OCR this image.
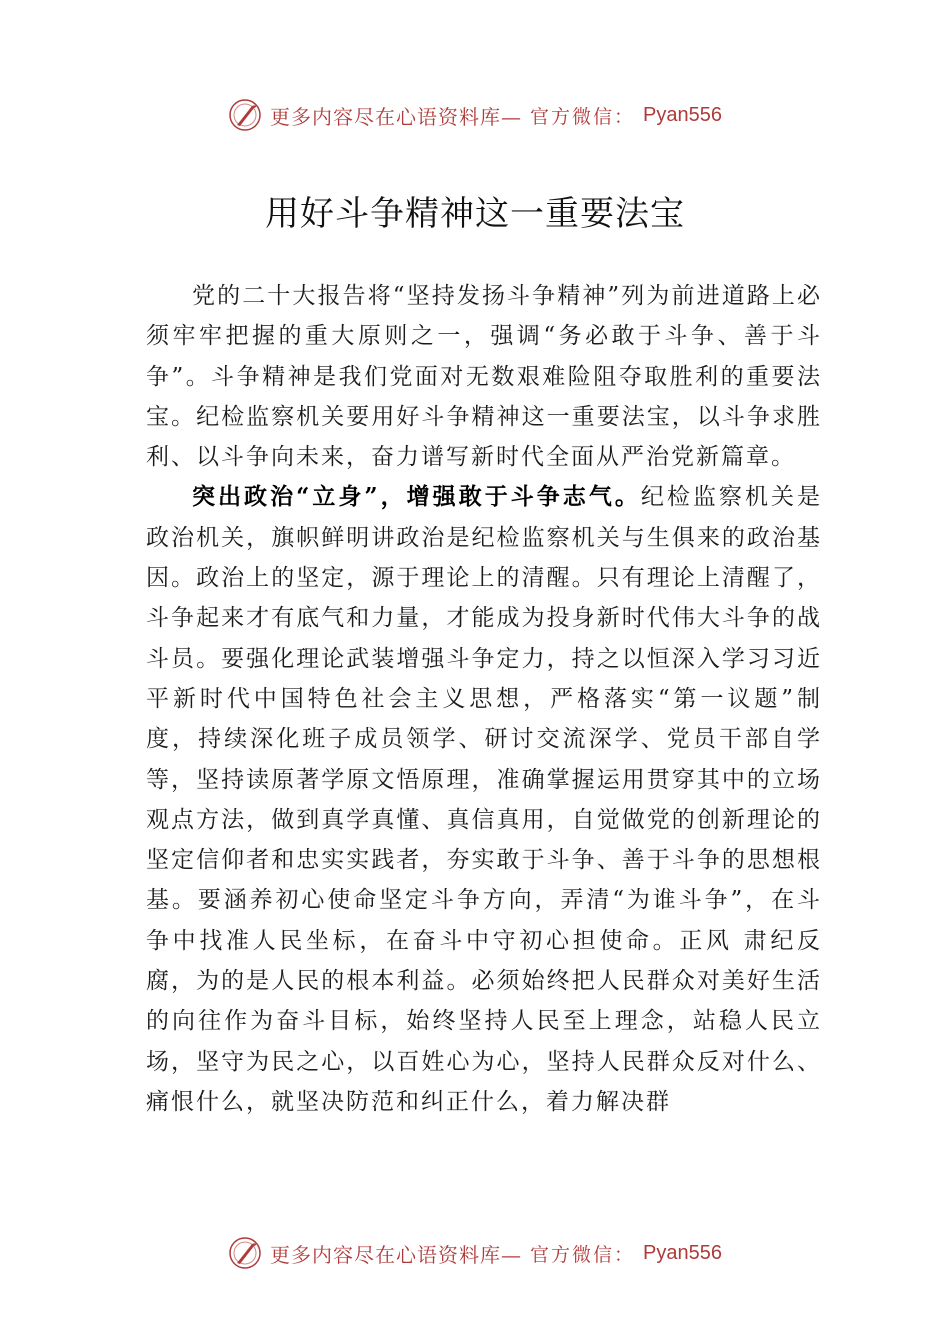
更多内容尽在心语资料库— 官方微信： Pyan556
用好斗争精神这一重要法宝

党的二十大报告将“坚持发扬斗争精神”列为前进道路上必须牢牢把握的重大原则之一，强调“务必敢于斗争、善于斗争”。斗争精神是我们党面对无数艰难险阻夺取胜利的重要法宝。纪检监察机关要用好斗争精神这一重要法宝，以斗争求胜利、以斗争向未来，奋力谱写新时代全面从严治党新篇章。

突出政治“立身”，增强敢于斗争志气。纪检监察机关是政治机关，旗帜鲜明讲政治是纪检监察机关与生俱来的政治基因。政治上的坚定，源于理论上的清醒。只有理论上清醒了，斗争起来才有底气和力量，才能成为投身新时代伟大斗争的战斗员。要强化理论武装增强斗争定力，持之以恒深入学习习近平新时代中国特色社会主义思想，严格落实“第一议题”制度，持续深化班子成员领学、研讨交流深学、党员干部自学等，坚持读原著学原文悟原理，准确掌握运用贯穿其中的立场观点方法，做到真学真懂、真信真用，自觉做党的创新理论的坚定信仰者和忠实实践者，夯实敢于斗争、善于斗争的思想根基。要涵养初心使命坚定斗争方向，弄清“为谁斗争”，在斗争中找准人民坐标，在奋斗中守初心担使命。正风 肃纪反腐，为的是人民的根本利益。必须始终把人民群众对美好生活的向往作为奋斗目标，始终坚持人民至上理念，站稳人民立场，坚守为民之心，以百姓心为心，坚持人民群众反对什么、痛恨什么，就坚决防范和纠正什么，着力解决群

更多内容尽在心语资料库— 官方微信： Pyan556
